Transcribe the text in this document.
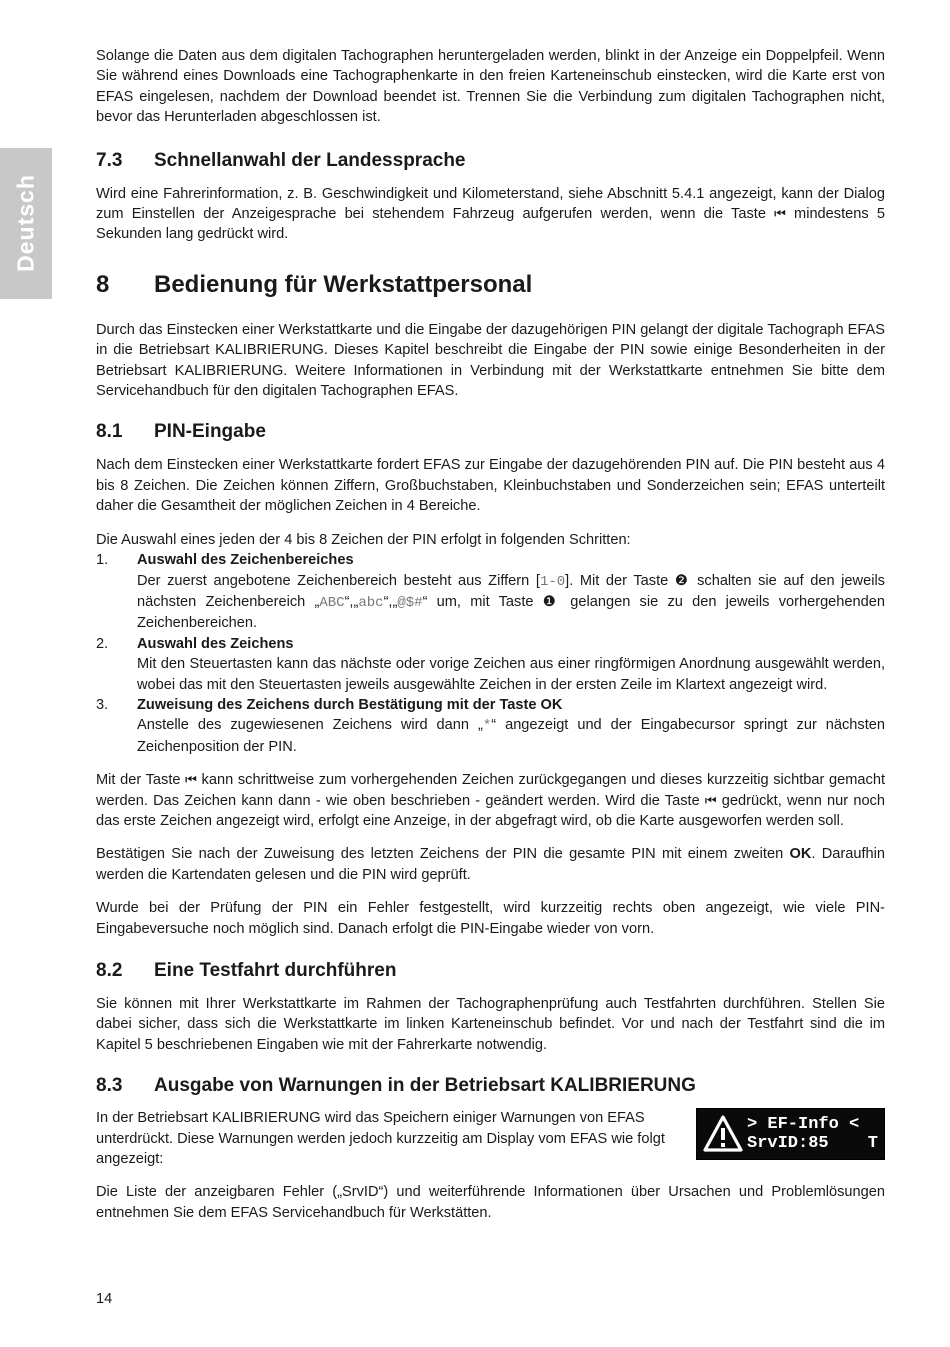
Deutsch

Solange die Daten aus dem digitalen Tachographen heruntergeladen werden, blinkt in der Anzeige ein Doppelpfeil. Wenn Sie während eines Downloads eine Tachographenkarte in den freien Karteneinschub einstecken, wird die Karte erst von EFAS eingelesen, nachdem der Download beendet ist. Trennen Sie die Verbindung zum digitalen Tachographen nicht, bevor das Herunterladen abgeschlossen ist.

7.3	Schnellanwahl der Landessprache

Wird eine Fahrerinformation, z. B. Geschwindigkeit und Kilometerstand, siehe Abschnitt 5.4.1 angezeigt, kann der Dialog zum Einstellen der Anzeigesprache bei stehendem Fahrzeug aufgerufen werden, wenn die Taste ⏮ mindestens 5 Sekunden lang gedrückt wird.

8	Bedienung für Werkstattpersonal

Durch das Einstecken einer Werkstattkarte und die Eingabe der dazugehörigen PIN gelangt der digitale Tachograph EFAS in die Betriebsart KALIBRIERUNG. Dieses Kapitel beschreibt die Eingabe der PIN sowie einige Besonderheiten in der Betriebsart KALIBRIERUNG. Weitere Informationen in Verbindung mit der Werkstattkarte entnehmen Sie bitte dem Servicehandbuch für den digitalen Tachographen EFAS.

8.1	PIN-Eingabe

Nach dem Einstecken einer Werkstattkarte fordert EFAS zur Eingabe der dazugehörenden PIN auf. Die PIN besteht aus 4 bis 8 Zeichen. Die Zeichen können Ziffern, Großbuchstaben, Kleinbuchstaben und Sonderzeichen sein; EFAS unterteilt daher die Gesamtheit der möglichen Zeichen in 4 Bereiche.

Die Auswahl eines jeden der 4 bis 8 Zeichen der PIN erfolgt in folgenden Schritten:

1.	Auswahl des Zeichenbereiches
Der zuerst angebotene Zeichenbereich besteht aus Ziffern [1-0]. Mit der Taste ❷ schalten sie auf den jeweils nächsten Zeichenbereich „ABC“,„abc“,„@$#“ um, mit Taste ❶ gelangen sie zu den jeweils vorhergehenden Zeichenbereichen.
2.	Auswahl des Zeichens
Mit den Steuertasten kann das nächste oder vorige Zeichen aus einer ringförmigen Anordnung ausgewählt werden, wobei das mit den Steuertasten jeweils ausgewählte Zeichen in der ersten Zeile im Klartext angezeigt wird.
3.	Zuweisung des Zeichens durch Bestätigung mit der Taste OK
Anstelle des zugewiesenen Zeichens wird dann „*“ angezeigt und der Eingabecursor springt zur nächsten Zeichenposition der PIN.

Mit der Taste ⏮ kann schrittweise zum vorhergehenden Zeichen zurückgegangen und dieses kurzzeitig sichtbar gemacht werden. Das Zeichen kann dann - wie oben beschrieben - geändert werden. Wird die Taste ⏮ gedrückt, wenn nur noch das erste Zeichen angezeigt wird, erfolgt eine Anzeige, in der abgefragt wird, ob die Karte ausgeworfen werden soll.

Bestätigen Sie nach der Zuweisung des letzten Zeichens der PIN die gesamte PIN mit einem zweiten OK. Daraufhin werden die Kartendaten gelesen und die PIN wird geprüft.

Wurde bei der Prüfung der PIN ein Fehler festgestellt, wird kurzzeitig rechts oben angezeigt, wie viele PIN-Eingabeversuche noch möglich sind. Danach erfolgt die PIN-Eingabe wieder von vorn.

8.2	Eine Testfahrt durchführen

Sie können mit Ihrer Werkstattkarte im Rahmen der Tachographenprüfung auch Testfahrten durchführen. Stellen Sie dabei sicher, dass sich die Werkstattkarte im linken Karteneinschub befindet. Vor und nach der Testfahrt sind die im Kapitel 5 beschriebenen Eingaben wie mit der Fahrerkarte notwendig.

8.3	Ausgabe von Warnungen in der Betriebsart KALIBRIERUNG

In der Betriebsart KALIBRIERUNG wird das Speichern einiger Warnungen von EFAS unterdrückt. Diese Warnungen werden jedoch kurzzeitig am Display vom EFAS wie folgt angezeigt:

> EF-Info <
SrvID:85 T

Die Liste der anzeigbaren Fehler („SrvID“) und weiterführende Informationen über Ursachen und Problemlösungen entnehmen Sie dem EFAS Servicehandbuch für Werkstätten.

14
